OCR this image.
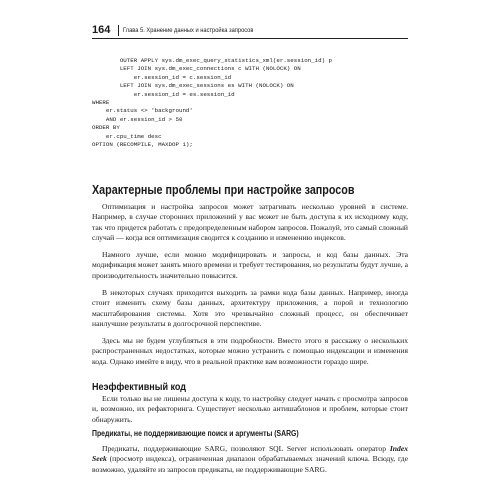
164 Глава 5. Хранение данных и настройка запросов
OUTER APPLY sys.dm_exec_query_statistics_xml(er.session_id) p
LEFT JOIN sys.dm_exec_connections c WITH (NOLOCK) ON
er.session_id = c.session_id
LEFT JOIN sys.dm_exec_sessions es WITH (NOLOCK) ON
er.session_id = es.session_id
WHERE
er.status <> 'background'
AND er.session_id > 50
ORDER BY
er.cpu_time desc
OPTION (RECOMPILE, MAXDOP 1);
Характерные проблемы при настройке запросов

Оптимизация и настройка запросов может затрагивать несколько уровней в системе. Например, в случае сторонних приложений у вас может не быть доступа к их исходному коду, так что придется работать с предопределенным набором запросов. Пожалуй, это самый сложный случай — когда вся оптимизация сводится к созданию и изменению индексов.

Намного лучше, если можно модифицировать и запросы, и код базы данных. Эта модификация может занять много времени и требует тестирования, но результаты будут лучше, а производительность значительно повысится.

В некоторых случаях приходится выходить за рамки кода базы данных. Например, иногда стоит изменить схему базы данных, архитектуру приложения, а порой и технологию масштабирования системы. Хотя это чрезвычайно сложный процесс, он обеспечивает наилучшие результаты в долгосрочной перспективе.

Здесь мы не будем углубляться в эти подробности. Вместо этого я расскажу о нескольких распространенных недостатках, которые можно устранить с помощью индексации и изменения кода. Однако имейте в виду, что в реальной практике вам возможности гораздо шире.

Неэффективный код

Если только вы не лишены доступа к коду, то настройку следует начать с просмотра запросов и, возможно, их рефакторинга. Существует несколько антишаблонов и проблем, которые стоит обнаружить.

Предикаты, не поддерживающие поиск и аргументы (SARG)

Предикаты, поддерживающие SARG, позволяют SQL Server использовать оператор Index Seek (просмотр индекса), ограниченная диапазон обрабатываемых значений ключа. Всюду, где возможно, удаляйте из запросов предикаты, не поддерживающие SARG.
